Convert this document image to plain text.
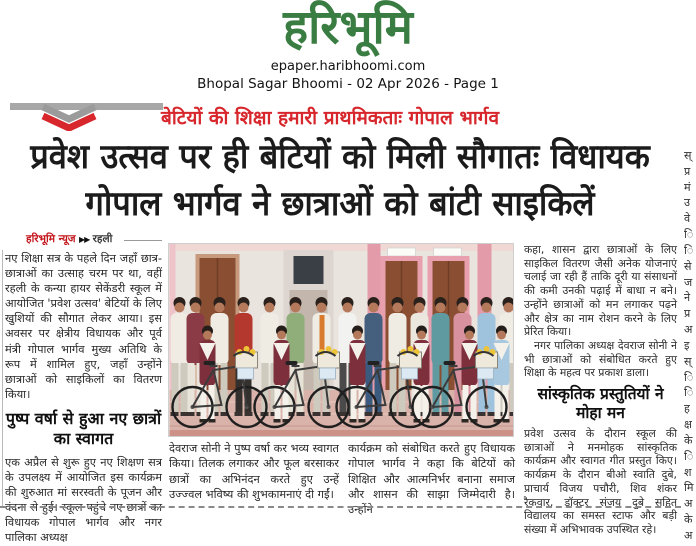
हरिभूमि
epaper.haribhoomi.com
Bhopal Sagar Bhoomi - 02 Apr 2026 - Page 1
बेटियों की शिक्षा हमारी प्राथमिकताः गोपाल भार्गव
प्रवेश उत्सव पर ही बेटियों को मिली सौगातः विधायक
गोपाल भार्गव ने छात्राओं को बांटी साइकिलें
हरिभूमि न्यूज ▶▶ रहली
नए शिक्षा सत्र के पहले दिन जहाँ छात्र-छात्राओं का उत्साह चरम पर था, वहीं रहली के कन्या हायर सेकेंडरी स्कूल में आयोजित 'प्रवेश उत्सव' बेटियों के लिए खुशियों की सौगात लेकर आया। इस अवसर पर क्षेत्रीय विधायक और पूर्व मंत्री गोपाल भार्गव मुख्य अतिथि के रूप में शामिल हुए, जहाँ उन्होंने छात्राओं को साइकिलों का वितरण किया।
पुष्प वर्षा से हुआ नए छात्रों का स्वागत
एक अप्रैल से शुरू हुए नए शिक्षण सत्र के उपलक्ष्य में आयोजित इस कार्यक्रम की शुरुआत मां सरस्वती के पूजन और वंदना से हुई। स्कूल पहुंचे नए छात्रों का विधायक गोपाल भार्गव और नगर पालिका अध्यक्ष
देवराज सोनी ने पुष्प वर्षा कर भव्य स्वागत किया। तिलक लगाकर और फूल बरसाकर छात्रों का अभिनंदन करते हुए उन्हें उज्ज्वल भविष्य की शुभकामनाएं दी गईं।
कार्यक्रम को संबोधित करते हुए विधायक गोपाल भार्गव ने कहा कि बेटियों को शिक्षित और आत्मनिर्भर बनाना समाज और शासन की साझा जिम्मेदारी है। उन्होंने
कहा, शासन द्वारा छात्राओं के लिए साइकिल वितरण जैसी अनेक योजनाएं चलाई जा रही हैं ताकि दूरी या संसाधनों की कमी उनकी पढ़ाई में बाधा न बने। उन्होंने छात्राओं को मन लगाकर पढ़ने और क्षेत्र का नाम रोशन करने के लिए प्रेरित किया।
नगर पालिका अध्यक्ष देवराज सोनी ने भी छात्राओं को संबोधित करते हुए शिक्षा के महत्व पर प्रकाश डाला।
सांस्कृतिक प्रस्तुतियों ने मोहा मन
प्रवेश उत्सव के दौरान स्कूल की छात्राओं ने मनमोहक सांस्कृतिक कार्यक्रम और स्वागत गीत प्रस्तुत किए। कार्यक्रम के दौरान बीओ स्वाति दुबे, प्राचार्य विजय पचौरी, शिव शंकर रैकवार, डॉक्टर संजय दुबे सहित विद्यालय का समस्त स्टाफ और बड़ी संख्या में अभिभावक उपस्थित रहे।
स्
प्र
मं
उ
वे
ि
ि
से
ज
ने
प्र
अ
इ
स्
ि
ि
ह
क्ष
के
ि
श
मि
अ
के
अ
